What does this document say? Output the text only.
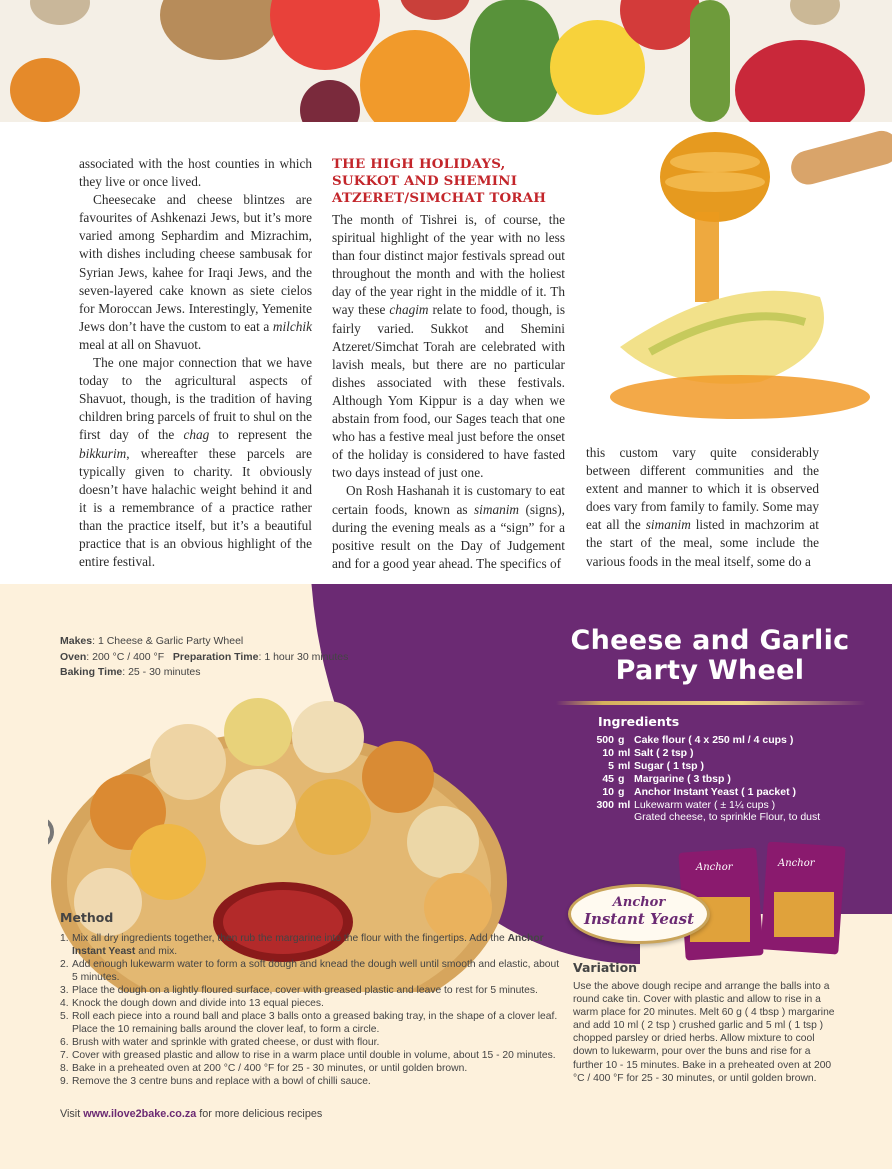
associated with the host counties in which they live or once lived.

Cheesecake and cheese blintzes are favourites of Ashkenazi Jews, but it’s more varied among Sephardim and Mizrachim, with dishes including cheese sambusak for Syrian Jews, kahee for Iraqi Jews, and the seven-layered cake known as siete cielos for Moroccan Jews. Interestingly, Yemenite Jews don’t have the custom to eat a milchik meal at all on Shavuot.

The one major connection that we have today to the agricultural aspects of Shavuot, though, is the tradition of having children bring parcels of fruit to shul on the first day of the chag to represent the bikkurim, whereafter these parcels are typically given to charity. It obviously doesn’t have halachic weight behind it and it is a remembrance of a practice rather than the practice itself, but it’s a beautiful practice that is an obvious highlight of the entire festival.

THE HIGH HOLIDAYS, SUKKOT AND SHEMINI ATZERET/SIMCHAT TORAH

The month of Tishrei is, of course, the spiritual highlight of the year with no less than four distinct major festivals spread out throughout the month and with the holiest day of the year right in the middle of it. Th way these chagim relate to food, though, is fairly varied. Sukkot and Shemini Atzeret/Simchat Torah are celebrated with lavish meals, but there are no particular dishes associated with these festivals. Although Yom Kippur is a day when we abstain from food, our Sages teach that one who has a festive meal just before the onset of the holiday is considered to have fasted two days instead of just one.

On Rosh Hashanah it is customary to eat certain foods, known as simanim (signs), during the evening meals as a “sign” for a positive result on the Day of Judgement and for a good year ahead. The specifics of

this custom vary quite considerably between different communities and the extent and manner to which it is observed does vary from family to family. Some may eat all the simanim listed in machzorim at the start of the meal, some include the various foods in the meal itself, some do a

Makes: 1 Cheese & Garlic Party Wheel
Oven: 200 °C / 400 °F Preparation Time: 1 hour 30 minutes
Baking Time: 25 - 30 minutes
Cheese and Garlic
Party Wheel
Ingredients
500 g Cake flour ( 4 x 250 ml / 4 cups )
10 ml Salt ( 2 tsp )
5 ml Sugar ( 1 tsp )
45 g Margarine ( 3 tbsp )
10 g Anchor Instant Yeast ( 1 packet )
300 ml Lukewarm water ( ± 1¼ cups )
Grated cheese, to sprinkle Flour, to dust
Anchor	Anchor
Anchor
Instant Yeast
Method
1. Mix all dry ingredients together, then rub the margarine into the flour with the fingertips. Add the Anchor Instant Yeast and mix.
2. Add enough lukewarm water to form a soft dough and knead the dough well until smooth and elastic, about 5 minutes.
3. Place the dough on a lightly floured surface, cover with greased plastic and leave to rest for 5 minutes.
4. Knock the dough down and divide into 13 equal pieces.
5. Roll each piece into a round ball and place 3 balls onto a greased baking tray, in the shape of a clover leaf. Place the 10 remaining balls around the clover leaf, to form a circle.
6. Brush with water and sprinkle with grated cheese, or dust with flour.
7. Cover with greased plastic and allow to rise in a warm place until double in volume, about 15 - 20 minutes.
8. Bake in a preheated oven at 200 °C / 400 °F for 25 - 30 minutes, or until golden brown.
9. Remove the 3 centre buns and replace with a bowl of chilli sauce.
Variation
Use the above dough recipe and arrange the balls into a round cake tin. Cover with plastic and allow to rise in a warm place for 20 minutes. Melt 60 g ( 4 tbsp ) margarine and add 10 ml ( 2 tsp ) crushed garlic and 5 ml ( 1 tsp ) chopped parsley or dried herbs. Allow mixture to cool down to lukewarm, pour over the buns and rise for a further 10 - 15 minutes. Bake in a preheated oven at 200 °C / 400 °F for 25 - 30 minutes, or until golden brown.
Visit www.ilove2bake.co.za for more delicious recipes
